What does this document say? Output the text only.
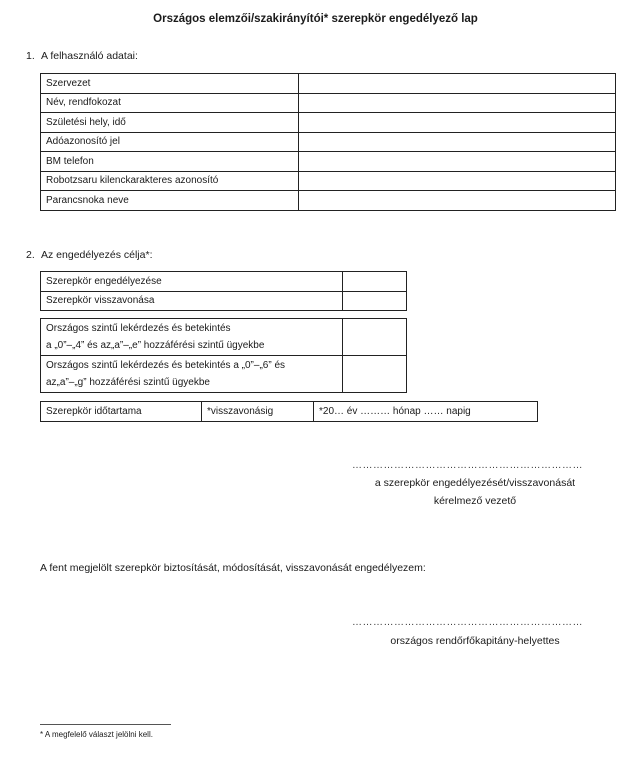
Országos elemzői/szakirányítói* szerepkör engedélyező lap
1. A felhasználó adatai:
Szervezet	
Név, rendfokozat	
Születési hely, idő	
Adóazonosító jel	
BM telefon	
Robotzsaru kilenckarakteres azonosító	
Parancsnoka neve	
2. Az engedélyezés célja*:
Szerepkör engedélyezése	
Szerepkör visszavonása	
Országos szintű lekérdezés és betekintés
a „0”–„4” és az„a”–„e” hozzáférési szintű ügyekbe	

Országos szintű lekérdezés és betekintés a „0”–„6” és
az„a”–„g” hozzáférési szintű ügyekbe	

Szerepkör időtartama	*visszavonásig	*20… év ……… hónap …… napig
…………………………………………………………
a szerepkör engedélyezését/visszavonását
kérelmező vezető
A fent megjelölt szerepkör biztosítását, módosítását, visszavonását engedélyezem:
…………………………………………………………
országos rendőrfőkapitány-helyettes
* A megfelelő választ jelölni kell.
